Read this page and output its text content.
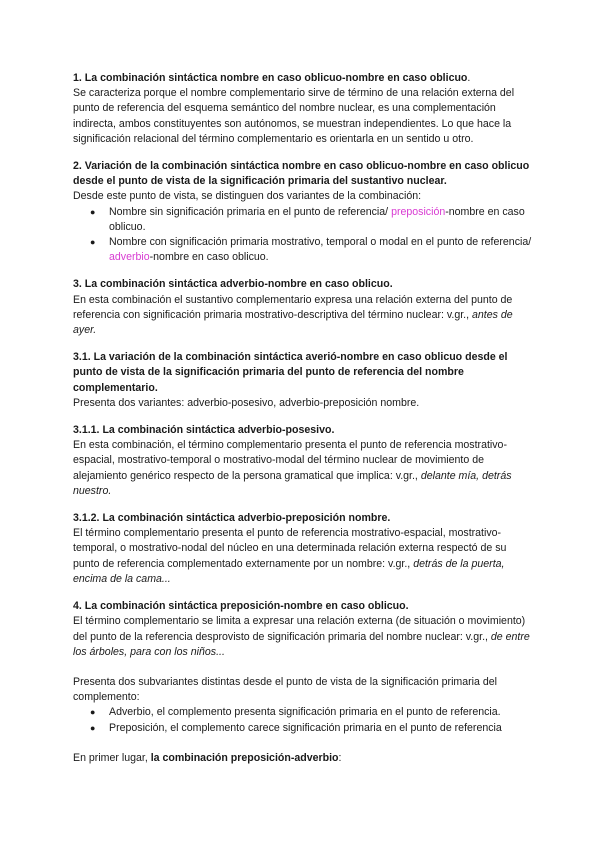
1. La combinación sintáctica nombre en caso oblicuo-nombre en caso oblicuo.
Se caracteriza porque el nombre complementario sirve de término de una relación externa del punto de referencia del esquema semántico del nombre nuclear, es una complementación indirecta, ambos constituyentes son autónomos, se muestran independientes. Lo que hace la significación relacional del término complementario es orientarla en un sentido u otro.

2. Variación de la combinación sintáctica nombre en caso oblicuo-nombre en caso oblicuo desde el punto de vista de la significación primaria del sustantivo nuclear.

Desde este punto de vista, se distinguen dos variantes de la combinación:

● Nombre sin significación primaria en el punto de referencia/ preposición-nombre en caso oblicuo.
● Nombre con significación primaria mostrativo, temporal o modal en el punto de referencia/ adverbio-nombre en caso oblicuo.

3. La combinación sintáctica adverbio-nombre en caso oblicuo.

En esta combinación el sustantivo complementario expresa una relación externa del punto de referencia con significación primaria mostrativo-descriptiva del término nuclear: v.gr., antes de ayer.

3.1. La variación de la combinación sintáctica averió-nombre en caso oblicuo desde el punto de vista de la significación primaria del punto de referencia del nombre complementario.

Presenta dos variantes: adverbio-posesivo, adverbio-preposición nombre.

3.1.1. La combinación sintáctica adverbio-posesivo.

En esta combinación, el término complementario presenta el punto de referencia mostrativo-espacial, mostrativo-temporal o mostrativo-modal del término nuclear de movimiento de alejamiento genérico respecto de la persona gramatical que implica: v.gr., delante mía, detrás nuestro.

3.1.2. La combinación sintáctica adverbio-preposición nombre.

El término complementario presenta el punto de referencia mostrativo-espacial, mostrativo-temporal, o mostrativo-nodal del núcleo en una determinada relación externa respectó de su punto de referencia complementado externamente por un nombre: v.gr., detrás de la puerta, encima de la cama...

4. La combinación sintáctica preposición-nombre en caso oblicuo.

El término complementario se limita a expresar una relación externa (de situación o movimiento) del punto de la referencia desprovisto de significación primaria del nombre nuclear: v.gr., de entre los árboles, para con los niños...

Presenta dos subvariantes distintas desde el punto de vista de la significación primaria del complemento:

● Adverbio, el complemento presenta significación primaria en el punto de referencia.
● Preposición, el complemento carece significación primaria en el punto de referencia

En primer lugar, la combinación preposición-adverbio:
